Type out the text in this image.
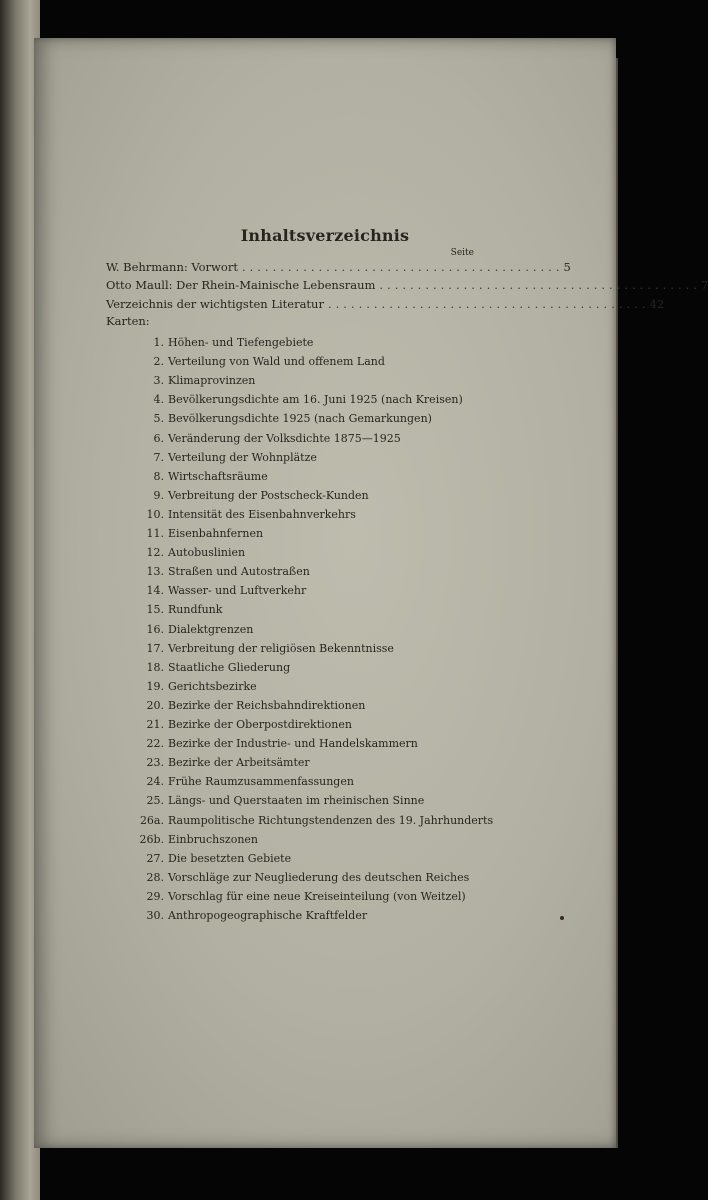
Inhaltsverzeichnis
Seite
W. Behrmann: Vorwort .......................................... 5
Otto Maull: Der Rhein-Mainische Lebensraum .......................................... 7
Verzeichnis der wichtigsten Literatur .......................................... 42
Karten:
1. Höhen- und Tiefengebiete
2. Verteilung von Wald und offenem Land
3. Klimaprovinzen
4. Bevölkerungsdichte am 16. Juni 1925 (nach Kreisen)
5. Bevölkerungsdichte 1925 (nach Gemarkungen)
6. Veränderung der Volksdichte 1875—1925
7. Verteilung der Wohnplätze
8. Wirtschaftsräume
9. Verbreitung der Postscheck-Kunden
10. Intensität des Eisenbahnverkehrs
11. Eisenbahnfernen
12. Autobuslinien
13. Straßen und Autostraßen
14. Wasser- und Luftverkehr
15. Rundfunk
16. Dialektgrenzen
17. Verbreitung der religiösen Bekenntnisse
18. Staatliche Gliederung
19. Gerichtsbezirke
20. Bezirke der Reichsbahndirektionen
21. Bezirke der Oberpostdirektionen
22. Bezirke der Industrie- und Handelskammern
23. Bezirke der Arbeitsämter
24. Frühe Raumzusammenfassungen
25. Längs- und Querstaaten im rheinischen Sinne
26a. Raumpolitische Richtungstendenzen des 19. Jahrhunderts
26b. Einbruchszonen
27. Die besetzten Gebiete
28. Vorschläge zur Neugliederung des deutschen Reiches
29. Vorschlag für eine neue Kreiseinteilung (von Weitzel)
30. Anthropogeographische Kraftfelder
